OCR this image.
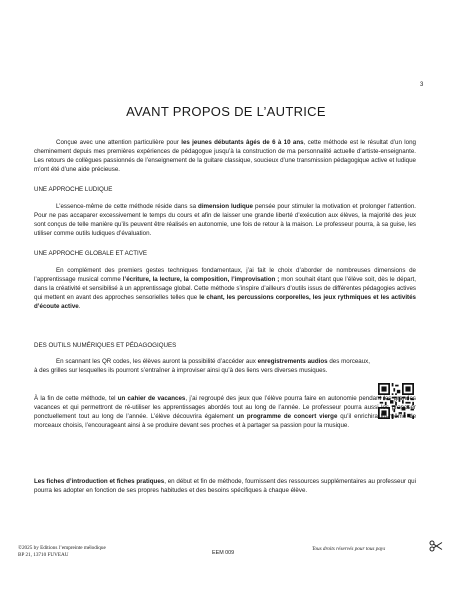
3
AVANT PROPOS DE L’AUTRICE

Conçue avec une attention particulière pour les jeunes débutants âgés de 6 à 10 ans, cette méthode est le résultat d’un long cheminement depuis mes premières expériences de pédagogue jusqu’à la construction de ma personnalité actuelle d’artiste-enseignante. Les retours de collègues passionnés de l’enseignement de la guitare classique, soucieux d’une transmission pédagogique active et ludique m’ont été d’une aide précieuse.

UNE APPROCHE LUDIQUE

L’essence-même de cette méthode réside dans sa dimension ludique pensée pour stimuler la motivation et prolonger l’attention. Pour ne pas accaparer excessivement le temps du cours et afin de laisser une grande liberté d’exécution aux élèves, la majorité des jeux sont conçus de telle manière qu’ils peuvent être réalisés en autonomie, une fois de retour à la maison. Le professeur pourra, à sa guise, les utiliser comme outils ludiques d’évaluation.

UNE APPROCHE GLOBALE ET ACTIVE

En complément des premiers gestes techniques fondamentaux, j’ai fait le choix d’aborder de nombreuses dimensions de l’apprentissage musical comme l’écriture, la lecture, la composition, l’improvisation ; mon souhait étant que l’élève soit, dès le départ, dans la créativité et sensibilisé à un apprentissage global. Cette méthode s’inspire d’ailleurs d’outils issus de différentes pédagogies actives qui mettent en avant des approches sensorielles telles que le chant, les percussions corporelles, les jeux rythmiques et les activités d’écoute active.

DES OUTILS NUMÉRIQUES ET PÉDAGOGIQUES

En scannant les QR codes, les élèves auront la possibilité d’accéder aux enregistrements audios des morceaux, à des grilles sur lesquelles ils pourront s’entraîner à improviser ainsi qu’à des liens vers diverses musiques.

À la fin de cette méthode, tel un cahier de vacances, j’ai regroupé des jeux que l’élève pourra faire en autonomie pendant les grandes vacances et qui permettront de ré-utiliser les apprentissages abordés tout au long de l’année. Le professeur pourra aussi les proposer ponctuellement tout au long de l’année. L’élève découvrira également un programme de concert vierge qu’il enrichira lui-même de morceaux choisis, l’encourageant ainsi à se produire devant ses proches et à partager sa passion pour la musique.

Les fiches d’introduction et fiches pratiques, en début et fin de méthode, fournissent des ressources supplémentaires au professeur qui pourra les adopter en fonction de ses propres habitudes et des besoins spécifiques à chaque élève.

©2025 by Editions l’empreinte mélodique
BP 21, 13710 FUVEAU	EEM 009
Tous droits réservés pour tous pays
